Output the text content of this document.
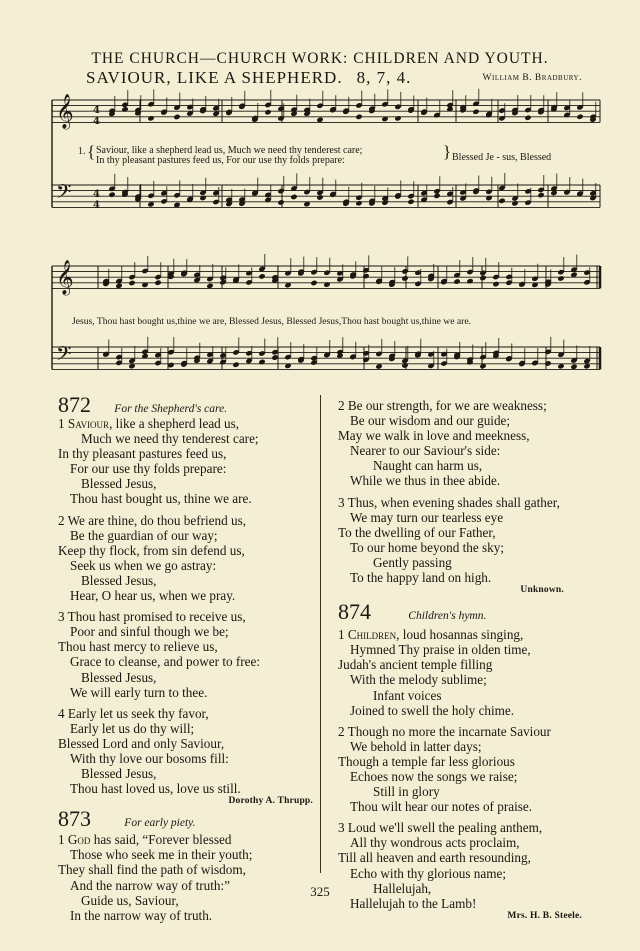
THE CHURCH—CHURCH WORK: CHILDREN AND YOUTH.
SAVIOUR, LIKE A SHEPHERD. 8, 7, 4.	William B. Bradbury.
𝄞
𝄢
4
4
4
4
𝄞
𝄢
1. { Saviour, like a shepherd lead us, Much we need thy tenderest care;
In thy pleasant pastures feed us, For our use thy folds prepare:	} Blessed Je - sus, Blessed
Jesus, Thou hast bought us,thine we are, Blessed Jesus, Blessed Jesus,Thou hast bought us,thine we are.
872 For the Shepherd's care.
1 Saviour, like a shepherd lead us,
Much we need thy tenderest care;
In thy pleasant pastures feed us,
For our use thy folds prepare:
Blessed Jesus,
Thou hast bought us, thine we are.
2 We are thine, do thou befriend us,
Be the guardian of our way;
Keep thy flock, from sin defend us,
Seek us when we go astray:
Blessed Jesus,
Hear, O hear us, when we pray.
3 Thou hast promised to receive us,
Poor and sinful though we be;
Thou hast mercy to relieve us,
Grace to cleanse, and power to free:
Blessed Jesus,
We will early turn to thee.
4 Early let us seek thy favor,
Early let us do thy will;
Blessed Lord and only Saviour,
With thy love our bosoms fill:
Blessed Jesus,
Thou hast loved us, love us still.
Dorothy A. Thrupp.
873	For early piety.
1 God has said, “Forever blessed
Those who seek me in their youth;
They shall find the path of wisdom,
And the narrow way of truth:”
Guide us, Saviour,
In the narrow way of truth.
2 Be our strength, for we are weakness;
Be our wisdom and our guide;
May we walk in love and meekness,
Nearer to our Saviour's side:
Naught can harm us,
While we thus in thee abide.
3 Thus, when evening shades shall gather,
We may turn our tearless eye
To the dwelling of our Father,
To our home beyond the sky;
Gently passing
To the happy land on high.
Unknown.
874	Children's hymn.
1 Children, loud hosannas singing,
Hymned Thy praise in olden time,
Judah's ancient temple filling
With the melody sublime;
Infant voices
Joined to swell the holy chime.
2 Though no more the incarnate Saviour
We behold in latter days;
Though a temple far less glorious
Echoes now the songs we raise;
Still in glory
Thou wilt hear our notes of praise.
3 Loud we'll swell the pealing anthem,
All thy wondrous acts proclaim,
Till all heaven and earth resounding,
Echo with thy glorious name;
Hallelujah,
Hallelujah to the Lamb!
Mrs. H. B. Steele.
325
